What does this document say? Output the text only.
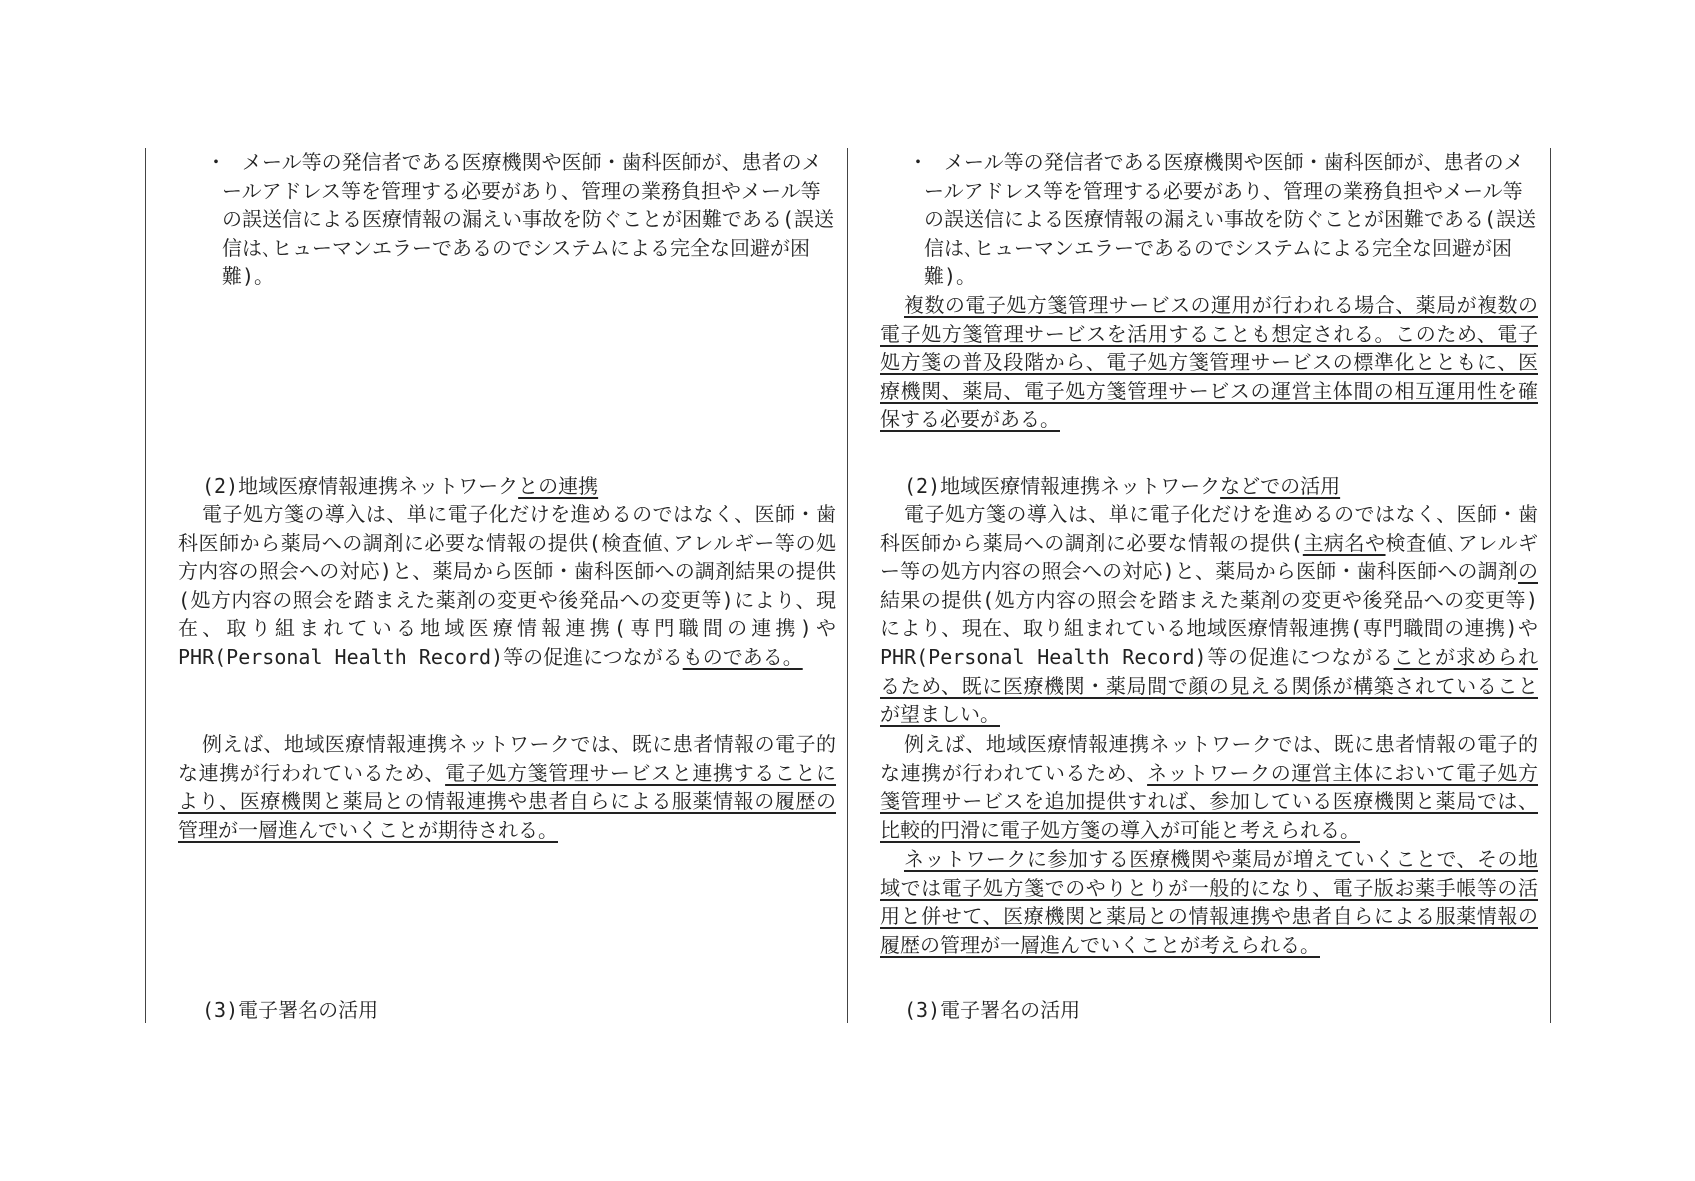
・

　メール等の発信者である医療機関や医師・歯科医師が、患者のメールアドレス等を管理する必要があり、管理の業務負担やメール等の誤送信による医療情報の漏えい事故を防ぐことが困難である(誤送信は､ヒューマンエラーであるのでシステムによる完全な回避が困難)。

(2)地域医療情報連携ネットワークとの連携

電子処方箋の導入は、単に電子化だけを進めるのではなく、医師・歯科医師から薬局への調剤に必要な情報の提供(検査値､アレルギー等の処方内容の照会への対応)と、薬局から医師・歯科医師への調剤結果の提供(処方内容の照会を踏まえた薬剤の変更や後発品への変更等)により、現在、取り組まれている地域医療情報連携(専門職間の連携)やPHR(Personal Health Record)等の促進につながるものである。

例えば、地域医療情報連携ネットワークでは、既に患者情報の電子的な連携が行われているため、電子処方箋管理サービスと連携することにより、医療機関と薬局との情報連携や患者自らによる服薬情報の履歴の管理が一層進んでいくことが期待される。

(3)電子署名の活用

・

　メール等の発信者である医療機関や医師・歯科医師が、患者のメールアドレス等を管理する必要があり、管理の業務負担やメール等の誤送信による医療情報の漏えい事故を防ぐことが困難である(誤送信は､ヒューマンエラーであるのでシステムによる完全な回避が困難)。

複数の電子処方箋管理サービスの運用が行われる場合、薬局が複数の電子処方箋管理サービスを活用することも想定される。このため、電子処方箋の普及段階から、電子処方箋管理サービスの標準化とともに、医療機関、薬局、電子処方箋管理サービスの運営主体間の相互運用性を確保する必要がある。

(2)地域医療情報連携ネットワークなどでの活用

電子処方箋の導入は、単に電子化だけを進めるのではなく、医師・歯科医師から薬局への調剤に必要な情報の提供(主病名や検査値､アレルギー等の処方内容の照会への対応)と、薬局から医師・歯科医師への調剤の結果の提供(処方内容の照会を踏まえた薬剤の変更や後発品への変更等)により、現在、取り組まれている地域医療情報連携(専門職間の連携)やPHR(Personal Health Record)等の促進につながることが求められるため、既に医療機関・薬局間で顔の見える関係が構築されていることが望ましい。

例えば、地域医療情報連携ネットワークでは、既に患者情報の電子的な連携が行われているため、ネットワークの運営主体において電子処方箋管理サービスを追加提供すれば、参加している医療機関と薬局では、比較的円滑に電子処方箋の導入が可能と考えられる。

ネットワークに参加する医療機関や薬局が増えていくことで、その地域では電子処方箋でのやりとりが一般的になり、電子版お薬手帳等の活用と併せて、医療機関と薬局との情報連携や患者自らによる服薬情報の履歴の管理が一層進んでいくことが考えられる。

(3)電子署名の活用
